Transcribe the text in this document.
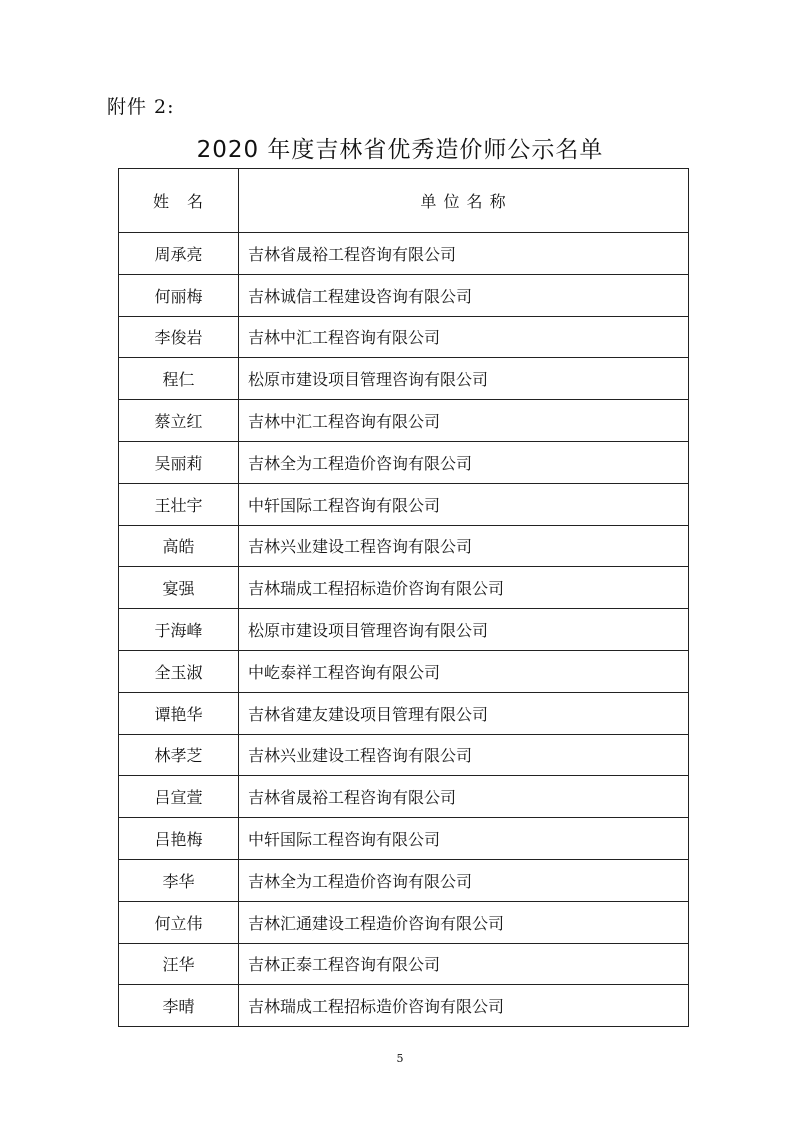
附件 2:
2020 年度吉林省优秀造价师公示名单
姓　名	单 位 名 称
周承亮	吉林省晟裕工程咨询有限公司
何丽梅	吉林诚信工程建设咨询有限公司
李俊岩	吉林中汇工程咨询有限公司
程仁	松原市建设项目管理咨询有限公司
蔡立红	吉林中汇工程咨询有限公司
吴丽莉	吉林全为工程造价咨询有限公司
王壮宇	中轩国际工程咨询有限公司
高皓	吉林兴业建设工程咨询有限公司
宴强	吉林瑞成工程招标造价咨询有限公司
于海峰	松原市建设项目管理咨询有限公司
全玉淑	中屹泰祥工程咨询有限公司
谭艳华	吉林省建友建设项目管理有限公司
林孝芝	吉林兴业建设工程咨询有限公司
吕宣萱	吉林省晟裕工程咨询有限公司
吕艳梅	中轩国际工程咨询有限公司
李华	吉林全为工程造价咨询有限公司
何立伟	吉林汇通建设工程造价咨询有限公司
汪华	吉林正泰工程咨询有限公司
李晴	吉林瑞成工程招标造价咨询有限公司
5
